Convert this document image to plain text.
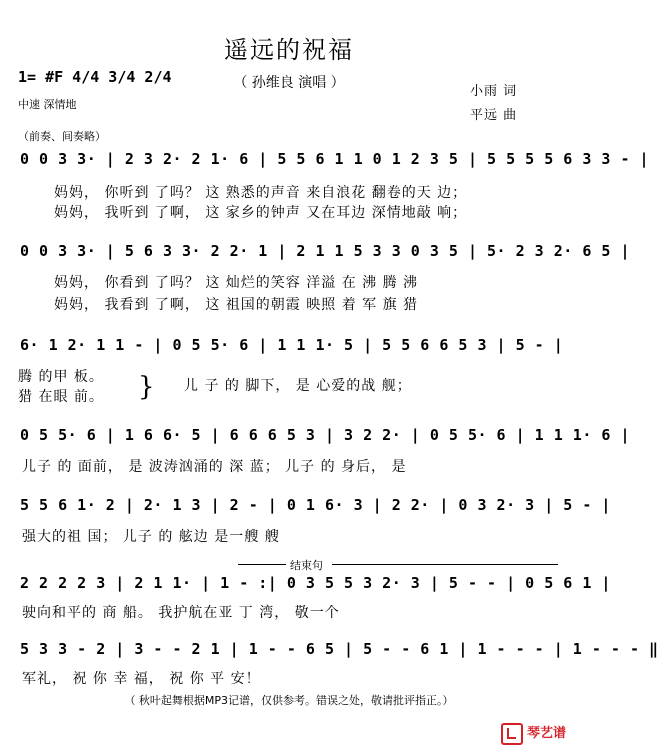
遥远的祝福
（ 孙维良 演唱 ）
1= #F 4/4 3/4 2/4
中速 深情地
小雨 词
平远 曲
（前奏、间奏略）
0 0 3 3· | 2 3 2· 2 1· 6 | 5 5 6 1 1 0 1 2 3 5 | 5 5 5 5 6 3 3 - |
妈妈， 你听到 了吗？ 这 熟悉的声音 来自浪花 翻卷的天 边；
妈妈， 我听到 了啊， 这 家乡的钟声 又在耳边 深情地敲 响；
0 0 3 3· | 5 6 3 3· 2 2· 1 | 2 1 1 5 3 3 0 3 5 | 5· 2 3 2· 6 5 |
妈妈， 你看到 了吗？ 这 灿烂的笑容 洋溢 在 沸 腾 沸
妈妈， 我看到 了啊， 这 祖国的朝霞 映照 着 军 旗 猎
6· 1 2· 1 1 - | 0 5 5· 6 | 1 1 1· 5 | 5 5 6 6 5 3 | 5 - |
腾 的甲 板。
猎 在眼 前。 } 儿 子 的 脚下， 是 心爱的战 舰；
0 5 5· 6 | 1 6 6· 5 | 6 6 6 5 3 | 3 2 2· | 0 5 5· 6 | 1 1 1· 6 |
儿子 的 面前， 是 波涛汹涌的 深 蓝； 儿子 的 身后， 是
5 5 6 1· 2 | 2· 1 3 | 2 - | 0 1 6· 3 | 2 2· | 0 3 2· 3 | 5 - |
强大的祖 国； 儿子 的 舷边 是一艘 艘
结束句
2 2 2 2 3 | 2 1 1· | 1 - :| 0 3 5 5 3 2· 3 | 5 - - | 0 5 6 1 |
驶向和平的 商 船。 我护航在亚 丁 湾， 敬一个
5 3 3 - 2 | 3 - - 2 1 | 1 - - 6 5 | 5 - - 6 1 | 1 - - - | 1 - - - ‖
军礼， 祝 你 幸 福， 祝 你 平 安！
（ 秋叶起舞根据MP3记谱，仅供参考。错误之处，敬请批评指正。）
琴艺谱
